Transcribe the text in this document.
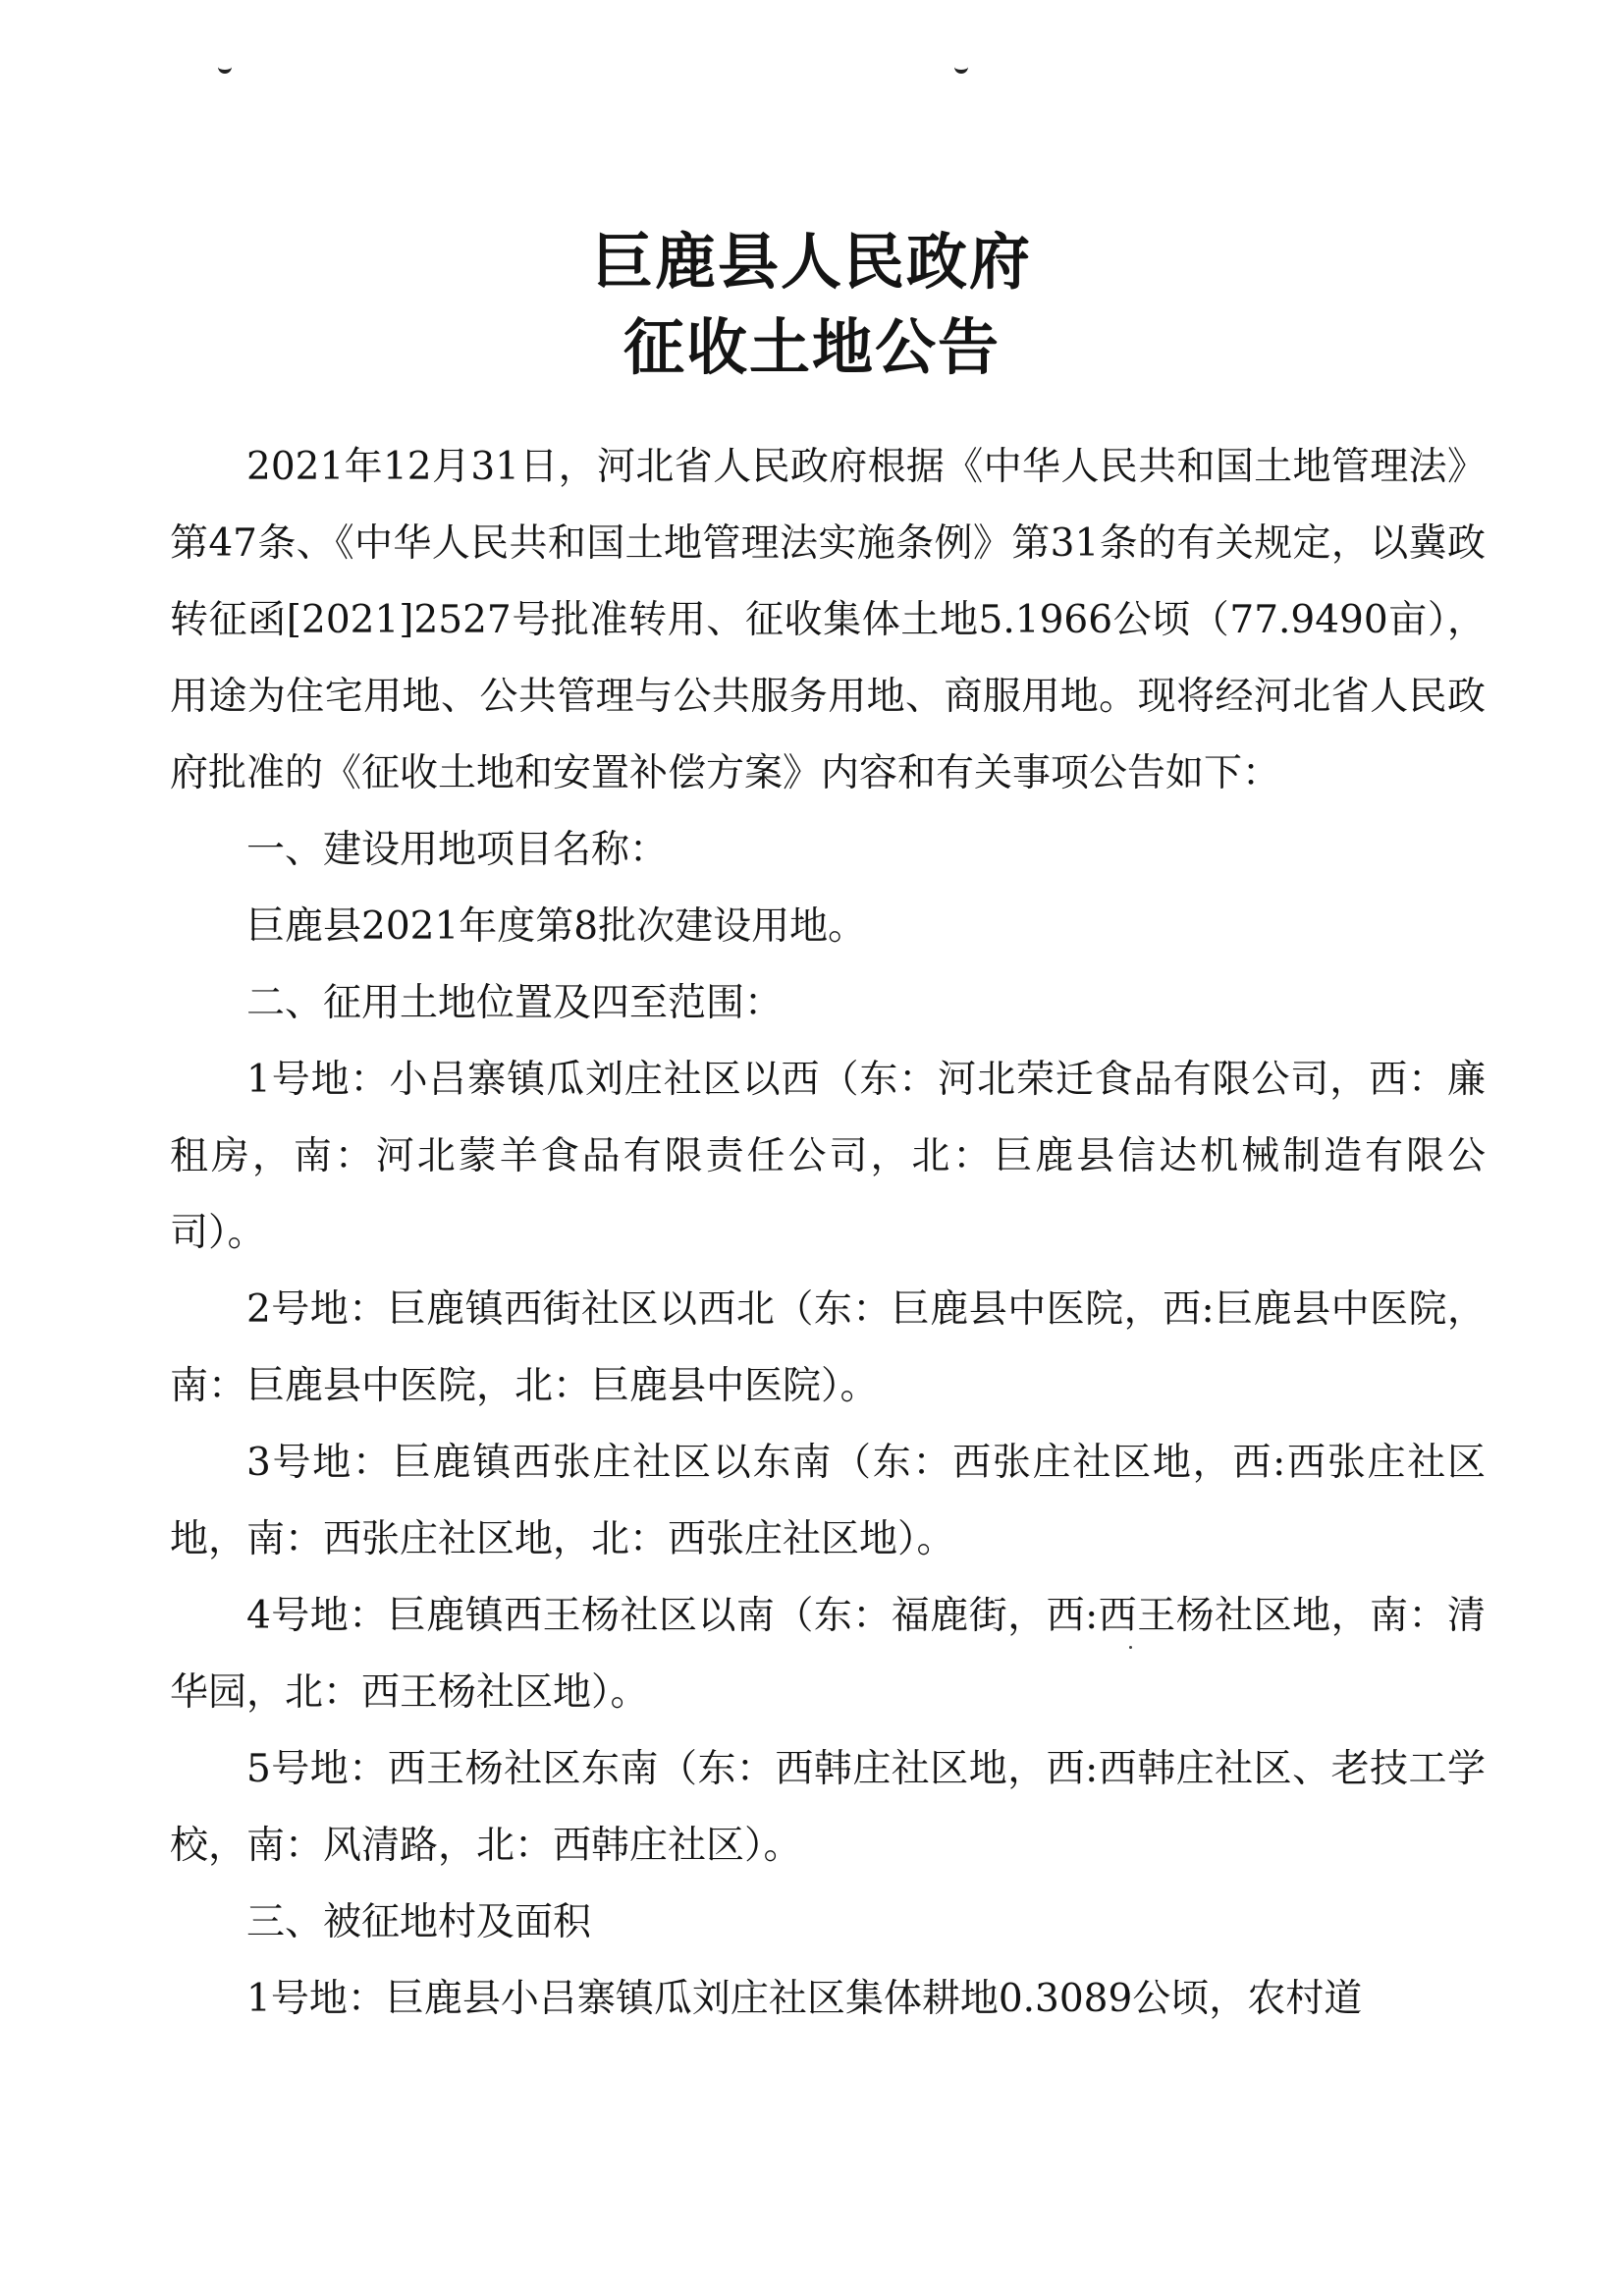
巨鹿县人民政府
征收土地公告

2021年12月31日，河北省人民政府根据《中华人民共和国土地管理法》第47条、《中华人民共和国土地管理法实施条例》第31条的有关规定，以冀政转征函[2021]2527号批准转用、征收集体土地5.1966公顷（77.9490亩），用途为住宅用地、公共管理与公共服务用地、商服用地。现将经河北省人民政府批准的《征收土地和安置补偿方案》内容和有关事项公告如下：

一、建设用地项目名称：

巨鹿县2021年度第8批次建设用地。

二、征用土地位置及四至范围：

1号地：小吕寨镇瓜刘庄社区以西（东：河北荣迁食品有限公司，西：廉租房，南：河北蒙羊食品有限责任公司，北：巨鹿县信达机械制造有限公司）。

2号地：巨鹿镇西街社区以西北（东：巨鹿县中医院，西:巨鹿县中医院，南：巨鹿县中医院，北：巨鹿县中医院）。

3号地：巨鹿镇西张庄社区以东南（东：西张庄社区地，西:西张庄社区地，南：西张庄社区地，北：西张庄社区地）。

4号地：巨鹿镇西王杨社区以南（东：福鹿街，西:西王杨社区地，南：清华园，北：西王杨社区地）。

5号地：西王杨社区东南（东：西韩庄社区地，西:西韩庄社区、老技工学校，南：风清路，北：西韩庄社区）。

三、被征地村及面积

1号地：巨鹿县小吕寨镇瓜刘庄社区集体耕地0.3089公顷，农村道
